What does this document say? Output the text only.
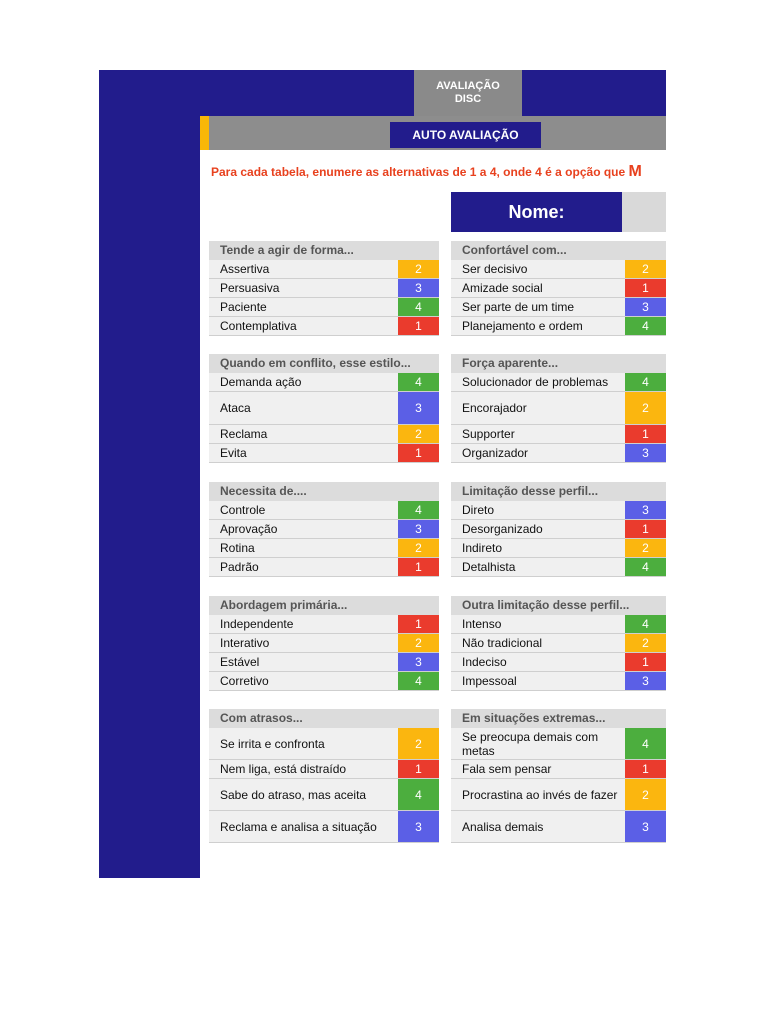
AVALIAÇÃO
DISC
AUTO AVALIAÇÃO
Para cada tabela, enumere as alternativas de 1 a 4, onde 4 é a opção que M
Nome:
Tende a agir de forma...
Assertiva	2
Persuasiva	3
Paciente	4
Contemplativa	1
Confortável com...
Ser decisivo	2
Amizade social	1
Ser parte de um time	3
Planejamento e ordem	4
Quando em conflito, esse estilo...
Demanda ação	4
Ataca	3
Reclama	2
Evita	1
Força aparente...
Solucionador de problemas	4
Encorajador	2
Supporter	1
Organizador	3
Necessita de....
Controle	4
Aprovação	3
Rotina	2
Padrão	1
Limitação desse perfil...
Direto	3
Desorganizado	1
Indireto	2
Detalhista	4
Abordagem primária...
Independente	1
Interativo	2
Estável	3
Corretivo	4
Outra limitação desse perfil...
Intenso	4
Não tradicional	2
Indeciso	1
Impessoal	3
Com atrasos...
Se irrita e confronta	2
Nem liga, está distraído	1
Sabe do atraso, mas aceita	4
Reclama e analisa a situação	3
Em situações extremas...
Se preocupa demais com metas	4
Fala sem pensar	1
Procrastina ao invés de fazer	2
Analisa demais	3
